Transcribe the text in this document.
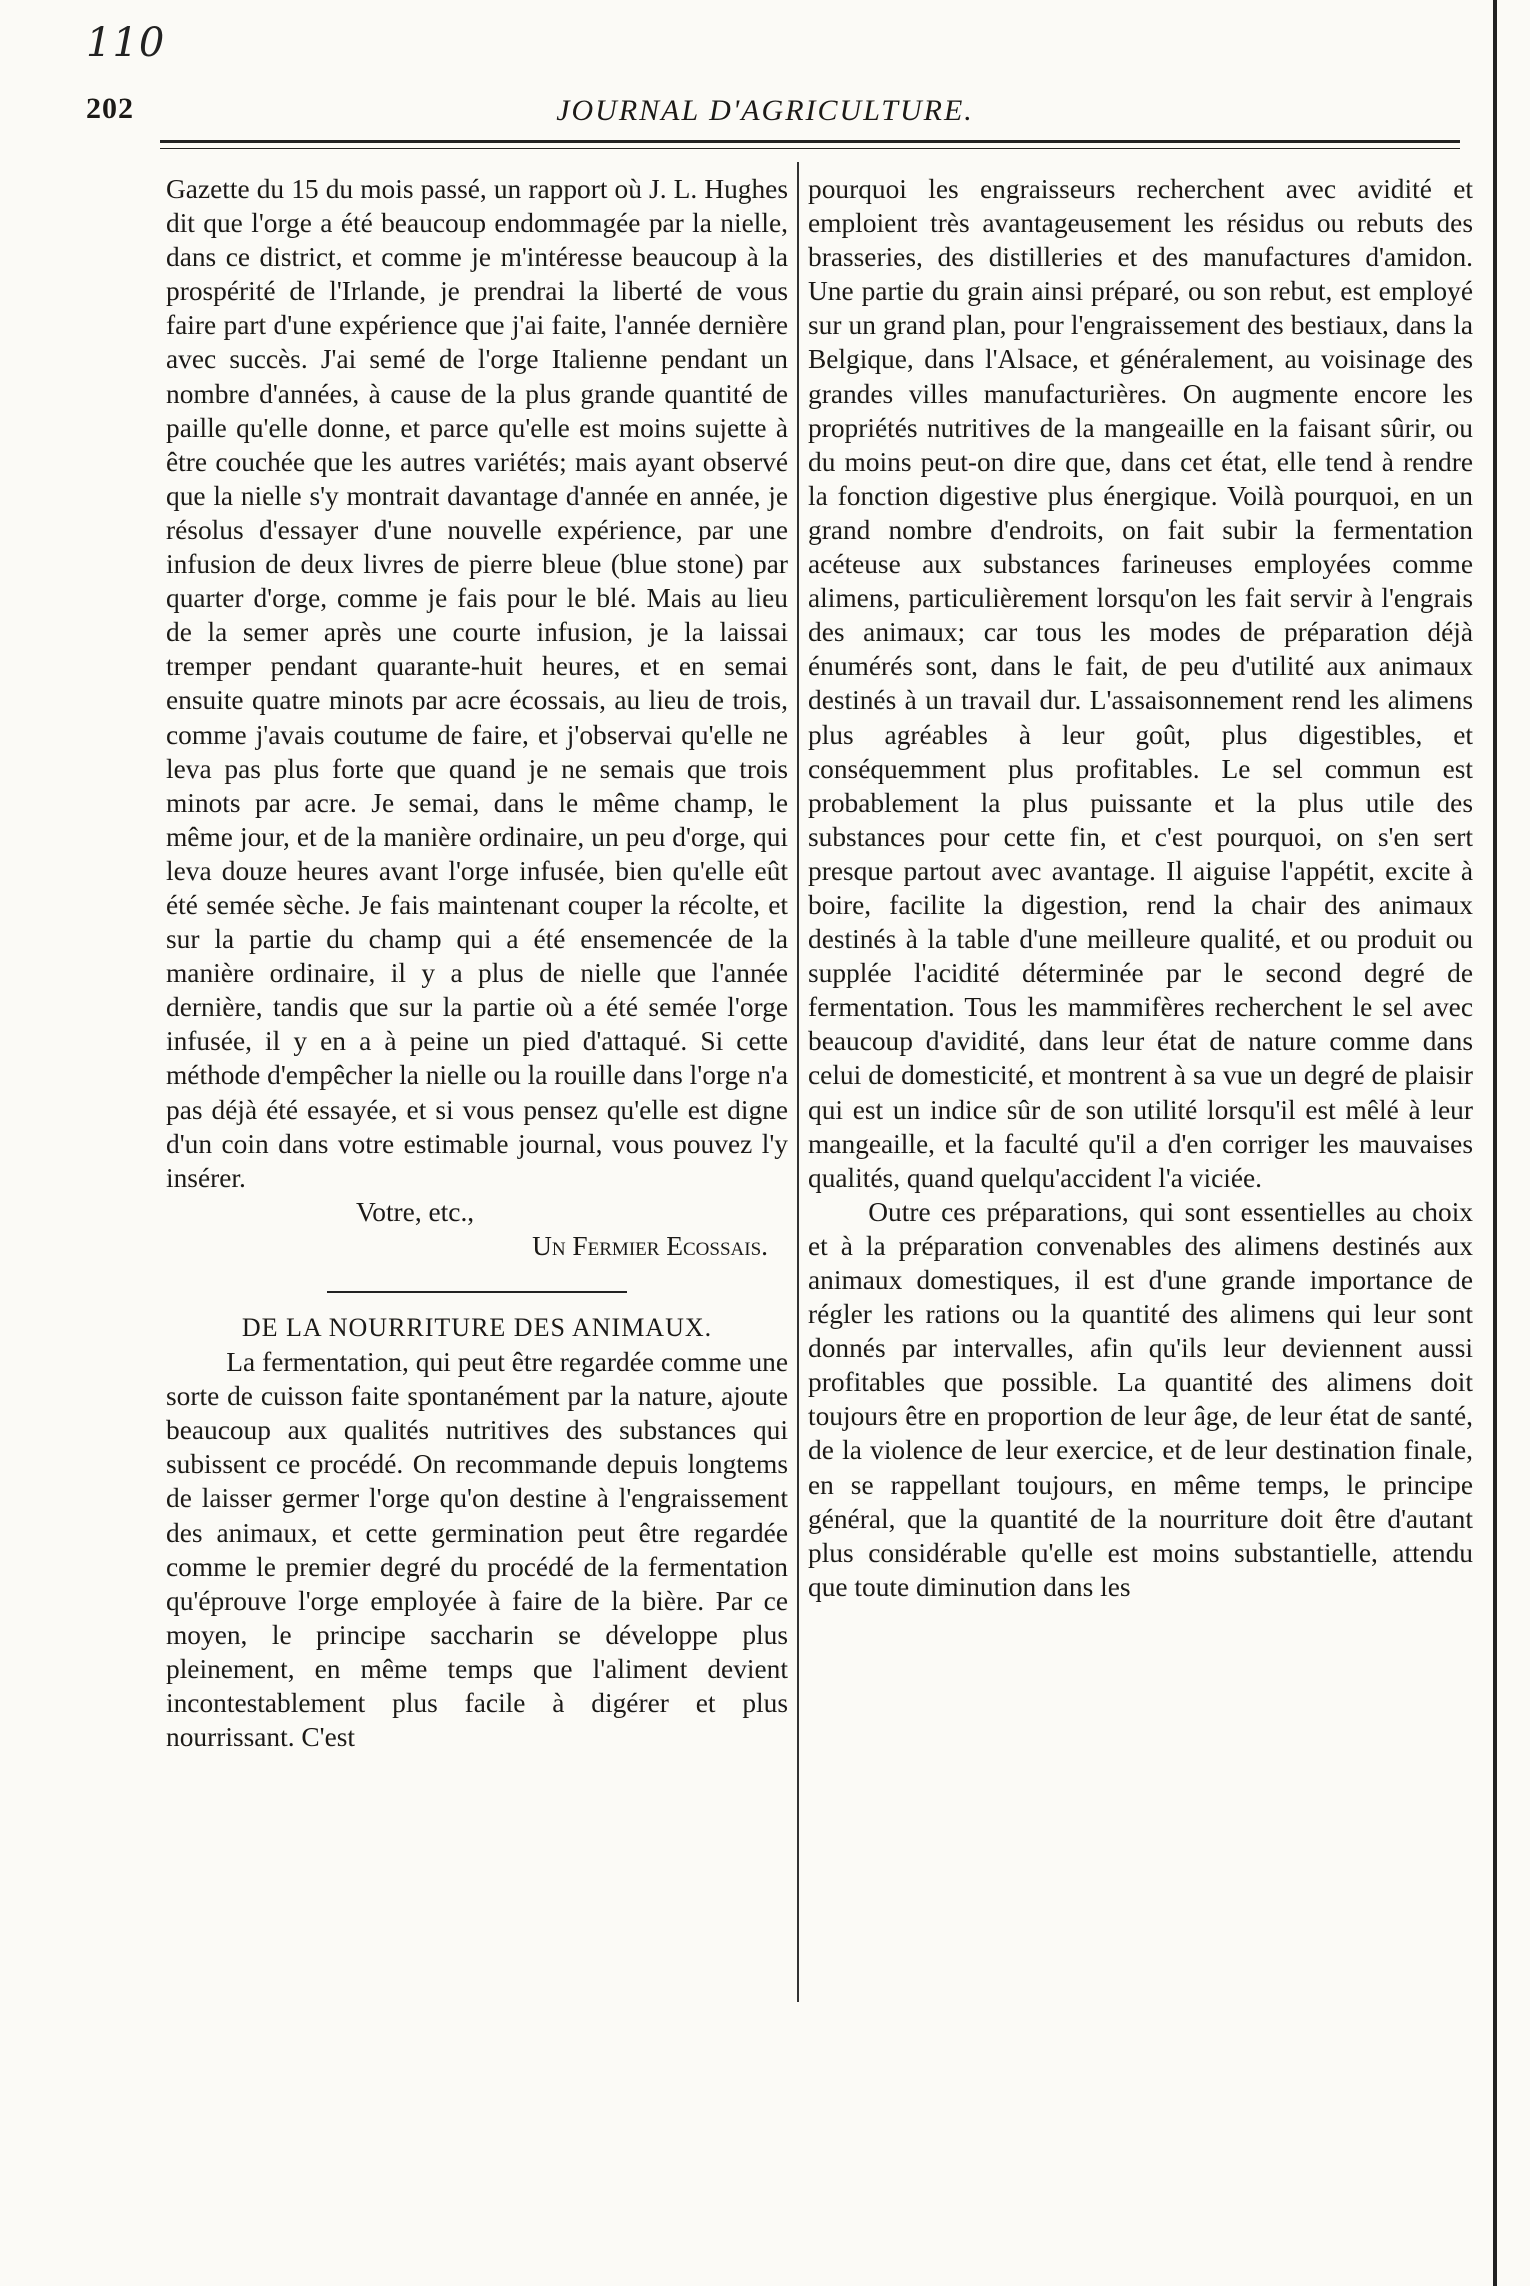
110
202	JOURNAL D'AGRICULTURE.

Gazette du 15 du mois passé, un rapport où J. L. Hughes dit que l'orge a été beaucoup endommagée par la nielle, dans ce district, et comme je m'intéresse beaucoup à la prospérité de l'Irlande, je prendrai la liberté de vous faire part d'une expérience que j'ai faite, l'année dernière avec succès. J'ai semé de l'orge Italienne pendant un nombre d'années, à cause de la plus grande quantité de paille qu'elle donne, et parce qu'elle est moins sujette à être couchée que les autres variétés; mais ayant observé que la nielle s'y montrait davantage d'année en année, je résolus d'essayer d'une nouvelle expérience, par une infusion de deux livres de pierre bleue (blue stone) par quarter d'orge, comme je fais pour le blé. Mais au lieu de la semer après une courte infusion, je la laissai tremper pendant quarante-huit heures, et en semai ensuite quatre minots par acre écossais, au lieu de trois, comme j'avais coutume de faire, et j'observai qu'elle ne leva pas plus forte que quand je ne semais que trois minots par acre. Je semai, dans le même champ, le même jour, et de la manière ordinaire, un peu d'orge, qui leva douze heures avant l'orge infusée, bien qu'elle eût été semée sèche. Je fais maintenant couper la récolte, et sur la partie du champ qui a été ensemencée de la manière ordinaire, il y a plus de nielle que l'année dernière, tandis que sur la partie où a été semée l'orge infusée, il y en a à peine un pied d'attaqué. Si cette méthode d'empêcher la nielle ou la rouille dans l'orge n'a pas déjà été essayée, et si vous pensez qu'elle est digne d'un coin dans votre estimable journal, vous pouvez l'y insérer.

Votre, etc.,

Un Fermier Ecossais.

DE LA NOURRITURE DES ANIMAUX.

La fermentation, qui peut être regardée comme une sorte de cuisson faite spontanément par la nature, ajoute beaucoup aux qualités nutritives des substances qui subissent ce procédé. On recommande depuis longtems de laisser germer l'orge qu'on destine à l'engraissement des animaux, et cette germination peut être regardée comme le premier degré du procédé de la fermentation qu'éprouve l'orge employée à faire de la bière. Par ce moyen, le principe saccharin se développe plus pleinement, en même temps que l'aliment devient incontestablement plus facile à digérer et plus nourrissant. C'est

pourquoi les engraisseurs recherchent avec avidité et emploient très avantageusement les résidus ou rebuts des brasseries, des distilleries et des manufactures d'amidon. Une partie du grain ainsi préparé, ou son rebut, est employé sur un grand plan, pour l'engraissement des bestiaux, dans la Belgique, dans l'Alsace, et généralement, au voisinage des grandes villes manufacturières. On augmente encore les propriétés nutritives de la mangeaille en la faisant sûrir, ou du moins peut-on dire que, dans cet état, elle tend à rendre la fonction digestive plus énergique. Voilà pourquoi, en un grand nombre d'endroits, on fait subir la fermentation acéteuse aux substances farineuses employées comme alimens, particulièrement lorsqu'on les fait servir à l'engrais des animaux; car tous les modes de préparation déjà énumérés sont, dans le fait, de peu d'utilité aux animaux destinés à un travail dur. L'assaisonnement rend les alimens plus agréables à leur goût, plus digestibles, et conséquemment plus profitables. Le sel commun est probablement la plus puissante et la plus utile des substances pour cette fin, et c'est pourquoi, on s'en sert presque partout avec avantage. Il aiguise l'appétit, excite à boire, facilite la digestion, rend la chair des animaux destinés à la table d'une meilleure qualité, et ou produit ou supplée l'acidité déterminée par le second degré de fermentation. Tous les mammifères recherchent le sel avec beaucoup d'avidité, dans leur état de nature comme dans celui de domesticité, et montrent à sa vue un degré de plaisir qui est un indice sûr de son utilité lorsqu'il est mêlé à leur mangeaille, et la faculté qu'il a d'en corriger les mauvaises qualités, quand quelqu'accident l'a viciée.

Outre ces préparations, qui sont essentielles au choix et à la préparation convenables des alimens destinés aux animaux domestiques, il est d'une grande importance de régler les rations ou la quantité des alimens qui leur sont donnés par intervalles, afin qu'ils leur deviennent aussi profitables que possible. La quantité des alimens doit toujours être en proportion de leur âge, de leur état de santé, de la violence de leur exercice, et de leur destination finale, en se rappellant toujours, en même temps, le principe général, que la quantité de la nourriture doit être d'autant plus considérable qu'elle est moins substantielle, attendu que toute diminution dans les
